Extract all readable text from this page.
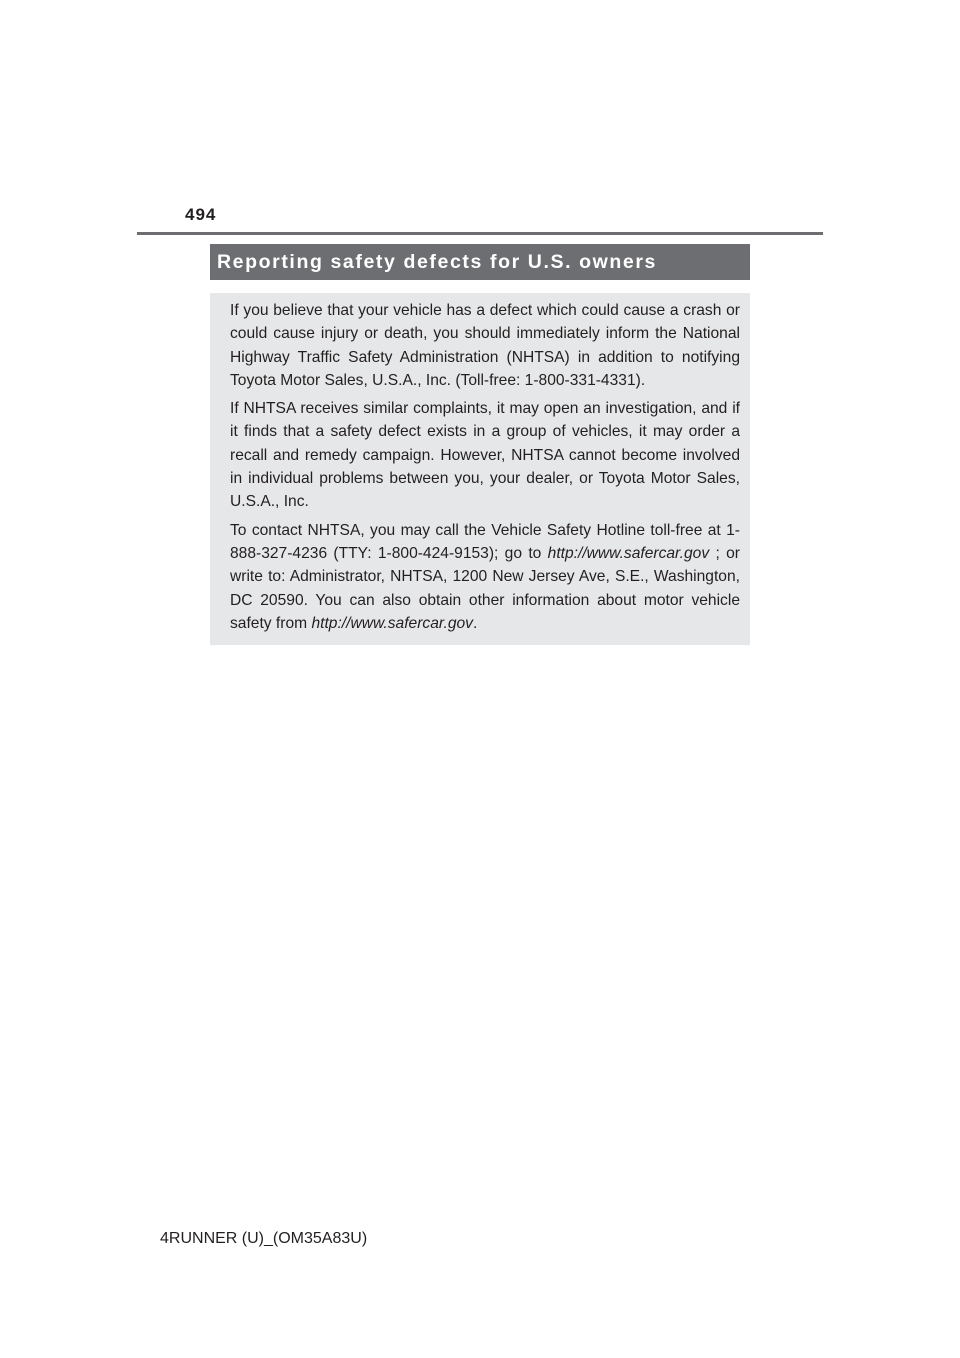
494
Reporting safety defects for U.S. owners

If you believe that your vehicle has a defect which could cause a crash or could cause injury or death, you should immediately inform the National Highway Traffic Safety Administration (NHTSA) in addition to notifying Toyota Motor Sales, U.S.A., Inc. (Toll-free: 1-800-​331-4331).

If NHTSA receives similar complaints, it may open an investigation, and if it finds that a safety defect exists in a group of vehicles, it may order a recall and remedy campaign. However, NHTSA cannot become involved in individual problems between you, your dealer, or Toyota Motor Sales, U.S.A., Inc.

To contact NHTSA, you may call the Vehicle Safety Hotline toll-free at 1-888-327-4236 (TTY: 1-800-424-9153); go to http://​www.safercar.gov ; or write to: Administrator, NHTSA, 1200 New Jersey Ave, S.E., Washington, DC 20590. You can also obtain other information about motor vehicle safety from http://www.safercar.gov.

4RUNNER (U)_(OM35A83U)
